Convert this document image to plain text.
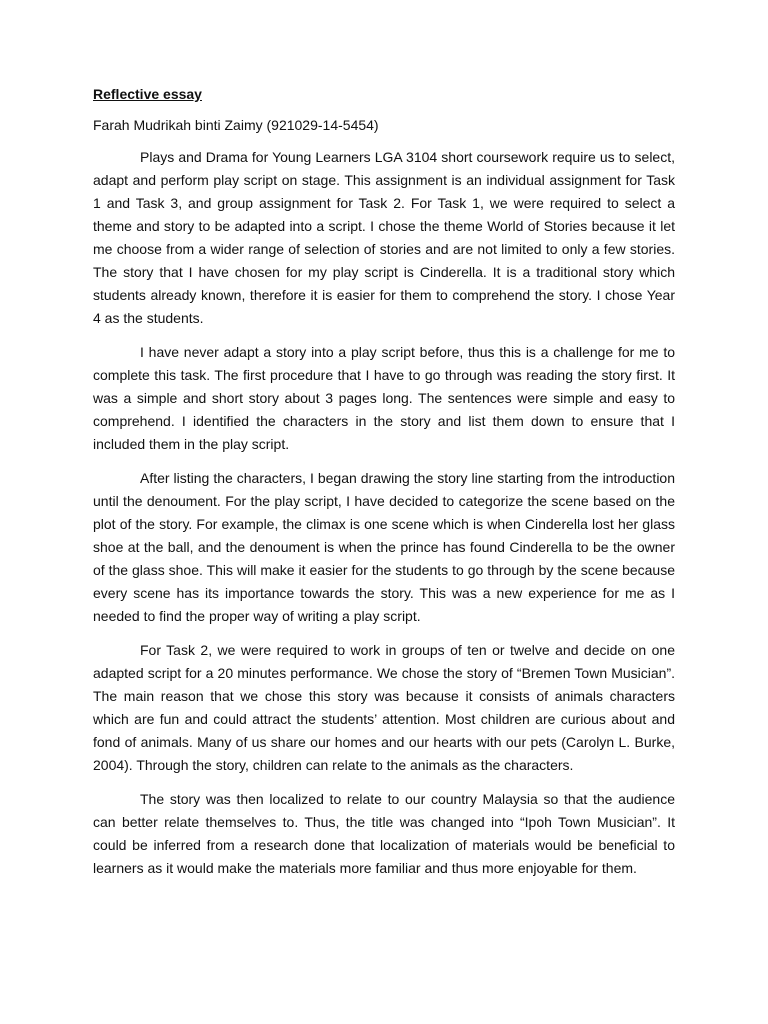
Reflective essay
Farah Mudrikah binti Zaimy (921029-14-5454)

Plays and Drama for Young Learners LGA 3104 short coursework require us to select, adapt and perform play script on stage. This assignment is an individual assignment for Task 1 and Task 3, and group assignment for Task 2. For Task 1, we were required to select a theme and story to be adapted into a script. I chose the theme World of Stories because it let me choose from a wider range of selection of stories and are not limited to only a few stories. The story that I have chosen for my play script is Cinderella. It is a traditional story which students already known, therefore it is easier for them to comprehend the story. I chose Year 4 as the students.

I have never adapt a story into a play script before, thus this is a challenge for me to complete this task. The first procedure that I have to go through was reading the story first. It was a simple and short story about 3 pages long. The sentences were simple and easy to comprehend. I identified the characters in the story and list them down to ensure that I included them in the play script.

After listing the characters, I began drawing the story line starting from the introduction until the denoument. For the play script, I have decided to categorize the scene based on the plot of the story. For example, the climax is one scene which is when Cinderella lost her glass shoe at the ball, and the denoument is when the prince has found Cinderella to be the owner of the glass shoe. This will make it easier for the students to go through by the scene because every scene has its importance towards the story. This was a new experience for me as I needed to find the proper way of writing a play script.

For Task 2, we were required to work in groups of ten or twelve and decide on one adapted script for a 20 minutes performance. We chose the story of “Bremen Town Musician”. The main reason that we chose this story was because it consists of animals characters which are fun and could attract the students’ attention. Most children are curious about and fond of animals. Many of us share our homes and our hearts with our pets (Carolyn L. Burke, 2004). Through the story, children can relate to the animals as the characters.

The story was then localized to relate to our country Malaysia so that the audience can better relate themselves to. Thus, the title was changed into “Ipoh Town Musician”. It could be inferred from a research done that localization of materials would be beneficial to learners as it would make the materials more familiar and thus more enjoyable for them.
